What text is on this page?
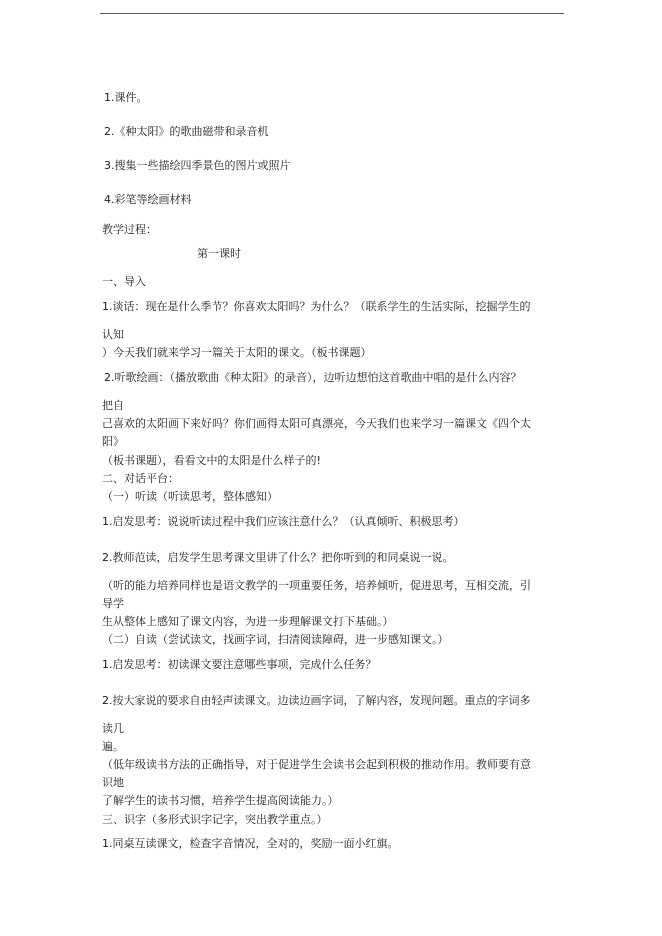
1.课件。
2.《种太阳》的歌曲磁带和录音机
3.搜集一些描绘四季景色的图片或照片
4.彩笔等绘画材料
教学过程：
第一课时
一、导入
1.谈话：现在是什么季节？你喜欢太阳吗？为什么？（联系学生的生活实际，挖掘学生的
认知
）今天我们就来学习一篇关于太阳的课文。（板书课题）
2.听歌绘画：（播放歌曲《种太阳》的录音），边听边想怕这首歌曲中唱的是什么内容？
把自
己喜欢的太阳画下来好吗？你们画得太阳可真漂亮，今天我们也来学习一篇课文《四个太
阳》
（板书课题），看看文中的太阳是什么样子的!
二、对话平台：
（一）听读（听读思考，整体感知）
1.启发思考：说说听读过程中我们应该注意什么？（认真倾听、积极思考）
2.教师范读，启发学生思考课文里讲了什么？把你听到的和同桌说一说。
（听的能力培养同样也是语文教学的一项重要任务，培养倾听，促进思考，互相交流，引
导学
生从整体上感知了课文内容，为进一步理解课文打下基础。）
（二）自读（尝试读文，找画字词，扫清阅读障碍，进一步感知课文。）
1.启发思考：初读课文要注意哪些事项，完成什么任务？
2.按大家说的要求自由轻声读课文。边读边画字词，了解内容，发现问题。重点的字词多
读几
遍。
（低年级读书方法的正确指导，对于促进学生会读书会起到积极的推动作用。教师要有意
识地
了解学生的读书习惯，培养学生提高阅读能力。）
三、识字（多形式识字记字，突出教学重点。）
1.同桌互读课文，检查字音情况，全对的，奖励一面小红旗。
